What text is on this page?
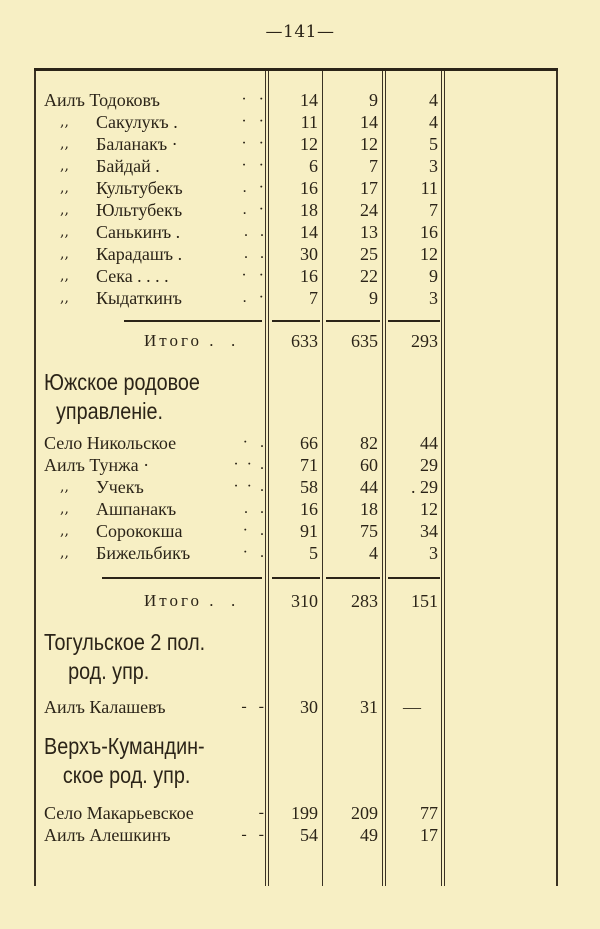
—141—
Аилъ Тодоковъ	·   ·	14	9	4
,, Сакулукъ .	·   ·	11	14	4
,, Баланакъ ·	·   ·	12	12	5
,, Байдай .	·   ·	6	7	3
,, Культубекъ	.   ·	16	17	11
,, Юльтубекъ	.   ·	18	24	7
,, Санькинъ .	.   .	14	13	16
,, Карадашъ .	.   .	30	25	12
,, Сека . . . .	·   ·	16	22	9
,, Кыдаткинъ	.   ·	7	9	3
Итого .  .	633	635	293
Южское родовое
управленіе.
Село Никольское	·   .	66	82	44
Аилъ Тунжа ·	·  ·  .	71	60	29
,, Учекъ	·  ·  .	58	44	. 29
,, Ашпанакъ	.   .	16	18	12
,, Сорококша	·   .	91	75	34
,, Бижельбикъ	·   .	5	4	3
Итого .  .	310	283	151
Тогульское 2 пол.
род. упр.
Аилъ Калашевъ	-   -	30	31	—
Верхъ-Кумандин-
ское род. упр.
Село Макарьевское	-	199	209	77
Аилъ Алешкинъ	-   -	54	49	17
